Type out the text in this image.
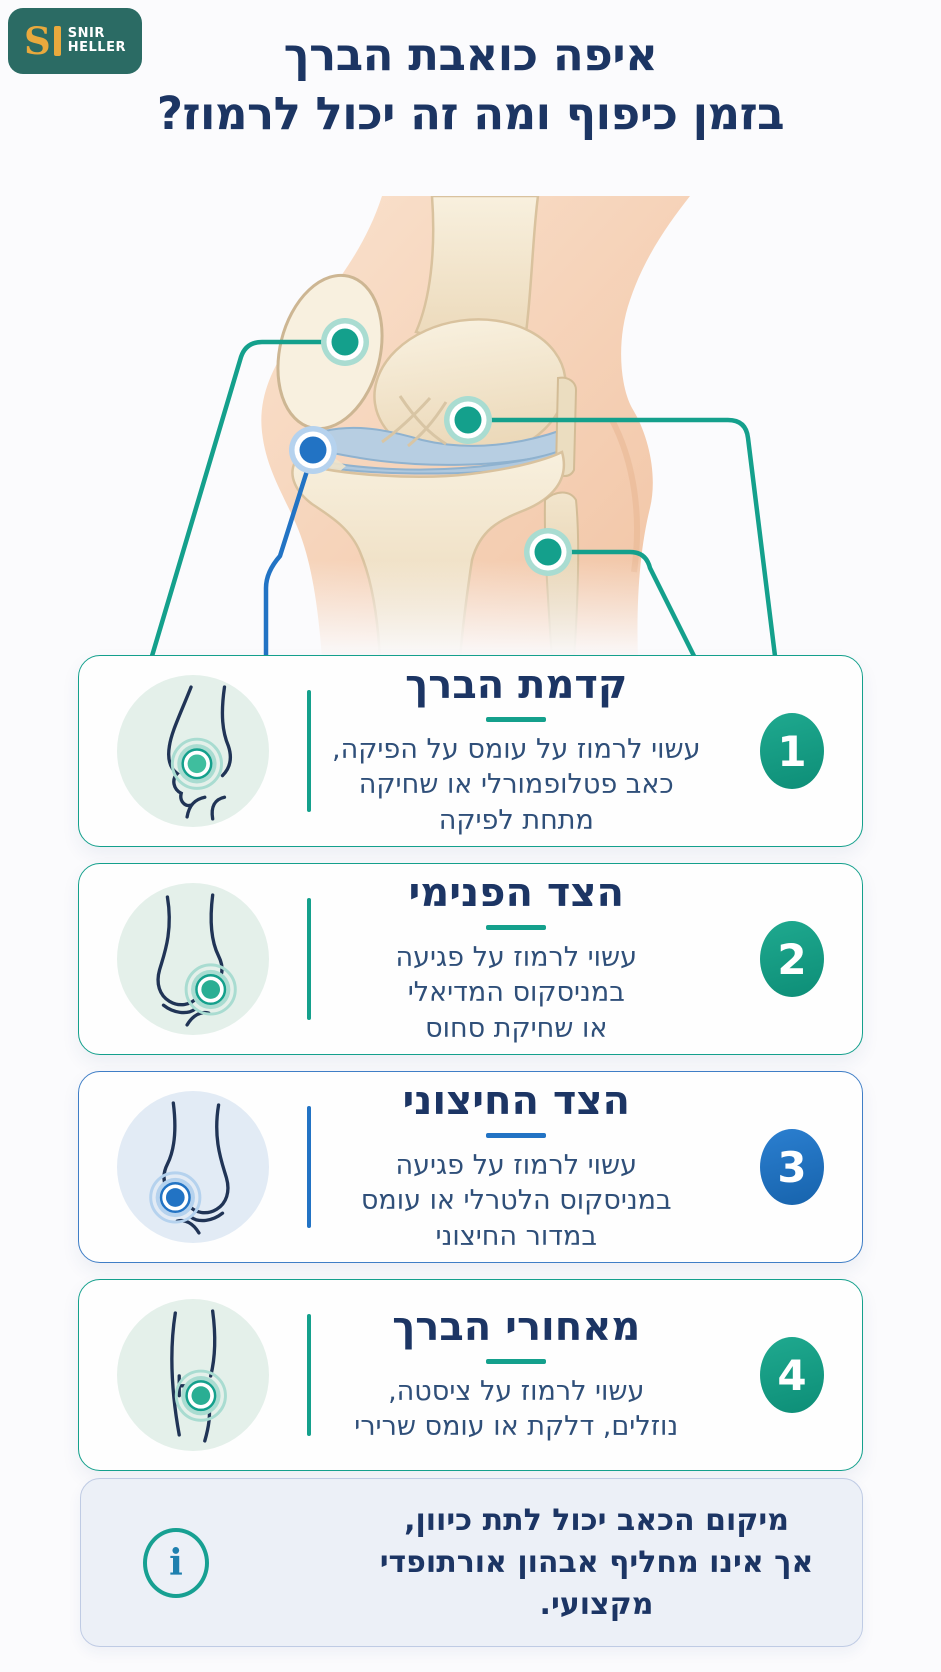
S SNIR
HELLER	איפה כואבת הברך
בזמן כיפוף ומה זה יכול לרמוז?
קדמת הברך
עשוי לרמוז על עומס על הפיקה,
כאב פטלופמורלי או שחיקה
מתחת לפיקה
1
הצד הפנימי
עשוי לרמוז על פגיעה
במניסקוס המדיאלי
או שחיקת סחוס
2
הצד החיצוני
עשוי לרמוז על פגיעה
במניסקוס הלטרלי או עומס
במדור החיצוני
3
מאחורי הברך
עשוי לרמוז על ציסטה,
נוזלים, דלקת או עומס שרירי
4
i
מיקום הכאב יכול לתת כיוון,
אך אינו מחליף אבהון אורתופדי מקצועי.
